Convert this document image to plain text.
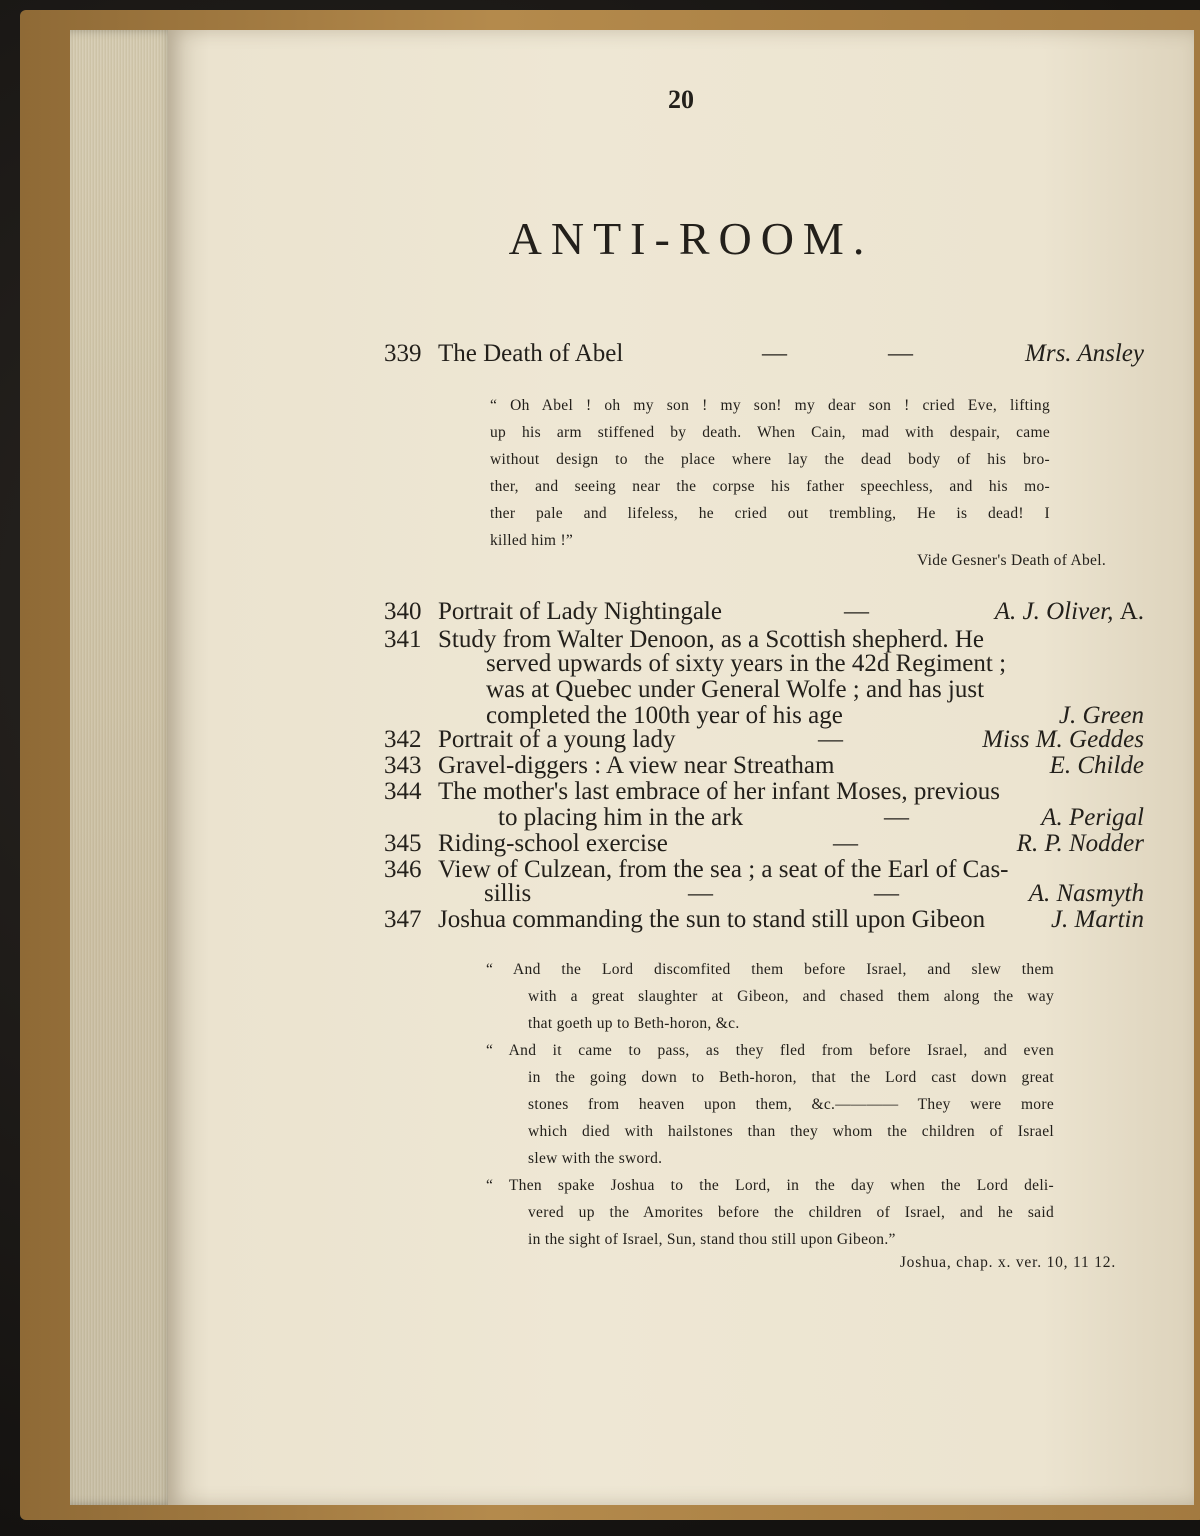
20
ANTI-ROOM.
339 The Death of Abel	—	—	Mrs. Ansley
“ Oh Abel ! oh my son ! my son! my dear son ! cried Eve, lifting
up his arm stiffened by death. When Cain, mad with despair, came
without design to the place where lay the dead body of his bro-
ther, and seeing near the corpse his father speechless, and his mo-
ther pale and lifeless, he cried out trembling, He is dead! I
killed him !”
Vide Gesner's Death of Abel.
340 Portrait of Lady Nightingale	—	A. J. Oliver, A.
341 Study from Walter Denoon, as a Scottish shepherd. He
served upwards of sixty years in the 42d Regiment ;
was at Quebec under General Wolfe ; and has just
completed the 100th year of his age	J. Green
342 Portrait of a young lady	—	Miss M. Geddes
343 Gravel-diggers : A view near Streatham	E. Childe
344 The mother's last embrace of her infant Moses, previous
to placing him in the ark	—	A. Perigal
345 Riding-school exercise	—	R. P. Nodder
346 View of Culzean, from the sea ; a seat of the Earl of Cas-
sillis	—	—	A. Nasmyth
347 Joshua commanding the sun to stand still upon Gibeon	J. Martin
“ And the Lord discomfited them before Israel, and slew them
with a great slaughter at Gibeon, and chased them along the way
that goeth up to Beth-horon, &c.
“ And it came to pass, as they fled from before Israel, and even
in the going down to Beth-horon, that the Lord cast down great
stones from heaven upon them, &c.———— They were more
which died with hailstones than they whom the children of Israel
slew with the sword.
“ Then spake Joshua to the Lord, in the day when the Lord deli-
vered up the Amorites before the children of Israel, and he said
in the sight of Israel, Sun, stand thou still upon Gibeon.”
Joshua, chap. x. ver. 10, 11 12.
